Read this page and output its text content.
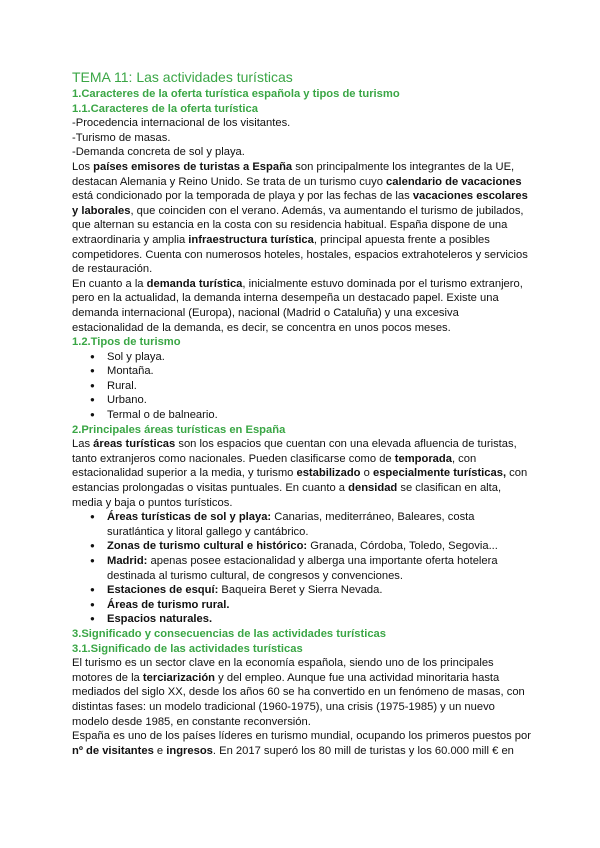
TEMA 11: Las actividades turísticas
1.Caracteres de la oferta turística española y tipos de turismo
1.1.Caracteres de la oferta turística

-Procedencia internacional de los visitantes.

-Turismo de masas.

-Demanda concreta de sol y playa.

Los países emisores de turistas a España son principalmente los integrantes de la UE, destacan Alemania y Reino Unido. Se trata de un turismo cuyo calendario de vacaciones está condicionado por la temporada de playa y por las fechas de las vacaciones escolares y laborales, que coinciden con el verano. Además, va aumentando el turismo de jubilados, que alternan su estancia en la costa con su residencia habitual. España dispone de una extraordinaria y amplia infraestructura turística, principal apuesta frente a posibles competidores. Cuenta con numerosos hoteles, hostales, espacios extrahoteleros y servicios de restauración.

En cuanto a la demanda turística, inicialmente estuvo dominada por el turismo extranjero, pero en la actualidad, la demanda interna desempeña un destacado papel. Existe una demanda internacional (Europa), nacional (Madrid o Cataluña) y una excesiva estacionalidad de la demanda, es decir, se concentra en unos pocos meses.

1.2.Tipos de turismo
● Sol y playa.
● Montaña.
● Rural.
● Urbano.
● Termal o de balneario.
2.Principales áreas turísticas en España

Las áreas turísticas son los espacios que cuentan con una elevada afluencia de turistas, tanto extranjeros como nacionales. Pueden clasificarse como de temporada, con estacionalidad superior a la media, y turismo estabilizado o especialmente turísticas, con estancias prolongadas o visitas puntuales. En cuanto a densidad se clasifican en alta, media y baja o puntos turísticos.

● Áreas turísticas de sol y playa: Canarias, mediterráneo, Baleares, costa suratlántica y litoral gallego y cantábrico.
● Zonas de turismo cultural e histórico: Granada, Córdoba, Toledo, Segovia...
● Madrid: apenas posee estacionalidad y alberga una importante oferta hotelera destinada al turismo cultural, de congresos y convenciones.
● Estaciones de esquí: Baqueira Beret y Sierra Nevada.
● Áreas de turismo rural.
● Espacios naturales.
3.Significado y consecuencias de las actividades turísticas
3.1.Significado de las actividades turísticas

El turismo es un sector clave en la economía española, siendo uno de los principales motores de la terciarización y del empleo. Aunque fue una actividad minoritaria hasta mediados del siglo XX, desde los años 60 se ha convertido en un fenómeno de masas, con distintas fases: un modelo tradicional (1960-1975), una crisis (1975-1985) y un nuevo modelo desde 1985, en constante reconversión.

España es uno de los países líderes en turismo mundial, ocupando los primeros puestos por nº de visitantes e ingresos. En 2017 superó los 80 mill de turistas y los 60.000 mill € en
